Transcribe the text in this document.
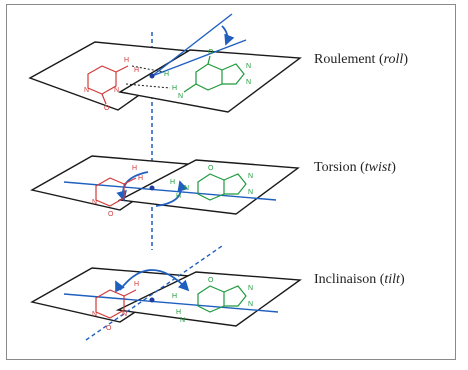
H
H
N	N
O
O
H
H
N
N
N
H
H
N
O
O
H
H
N
N
N
H
N	N
O
O
H
H
N
N
N
Roulement (roll)
Torsion (twist)
Inclinaison (tilt)
